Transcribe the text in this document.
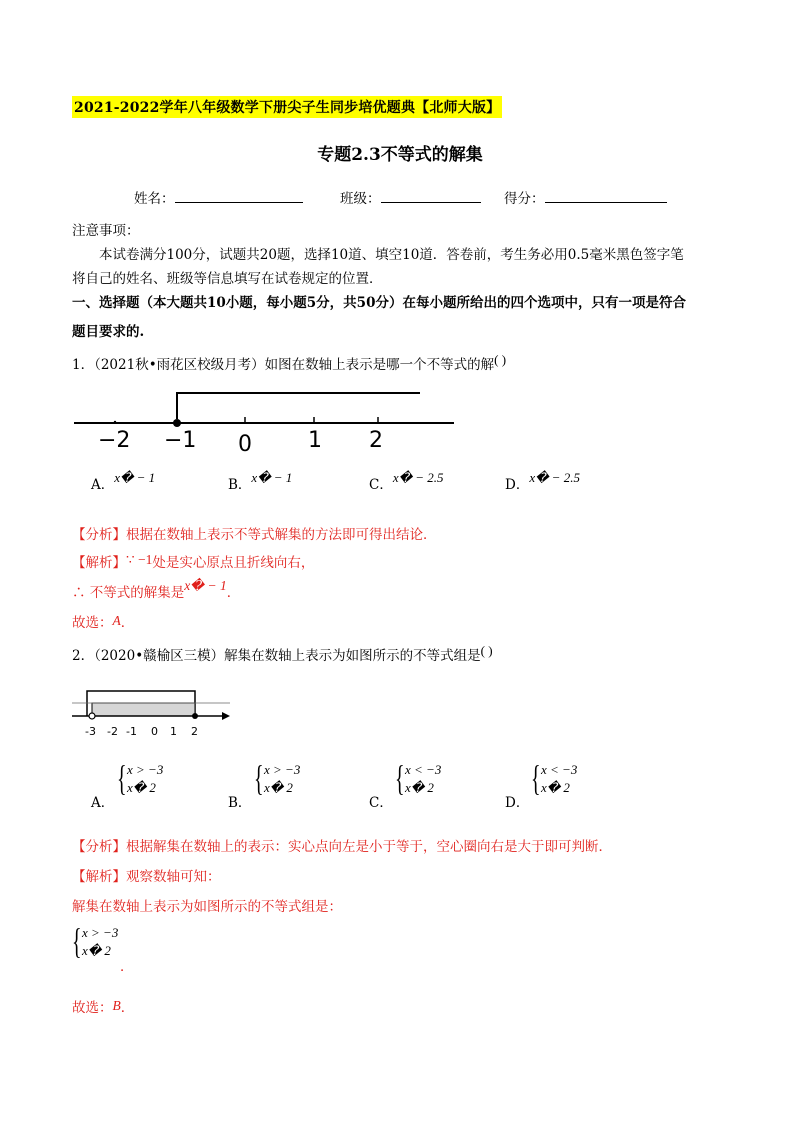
2021-2022学年八年级数学下册尖子生同步培优题典【北师大版】
专题2.3不等式的解集
姓名：	班级：	得分：
注意事项：
本试卷满分100分，试题共20题，选择10道、填空10道．答卷前，考生务必用0.5毫米黑色签字笔
将自己的姓名、班级等信息填写在试卷规定的位置．
一、选择题（本大题共10小题，每小题5分，共50分）在每小题所给出的四个选项中，只有一项是符合
题目要求的.
1．（2021秋•雨花区校级月考）如图在数轴上表示是哪一个不等式的解( )
−2 −1 0	1 2
A．x� − 1	B．x� − 1	C．x� − 2.5	D．x� − 2.5
【分析】根据在数轴上表示不等式解集的方法即可得出结论．
【解析】∵ −1处是实心原点且折线向右，
∴ 不等式的解集是x� − 1．
故选：A．
2．（2020•赣榆区三模）解集在数轴上表示为如图所示的不等式组是( )
-3 -2 -1 0 1 2
A．
{ x > −3
x� 2
B．
{ x > −3
x� 2
C．
{ x < −3
x� 2
D．
{ x < −3
x� 2
【分析】根据解集在数轴上的表示：实心点向左是小于等于，空心圈向右是大于即可判断．
【解析】观察数轴可知：
解集在数轴上表示为如图所示的不等式组是：
{ x > −3
x� 2
．
故选：B．
